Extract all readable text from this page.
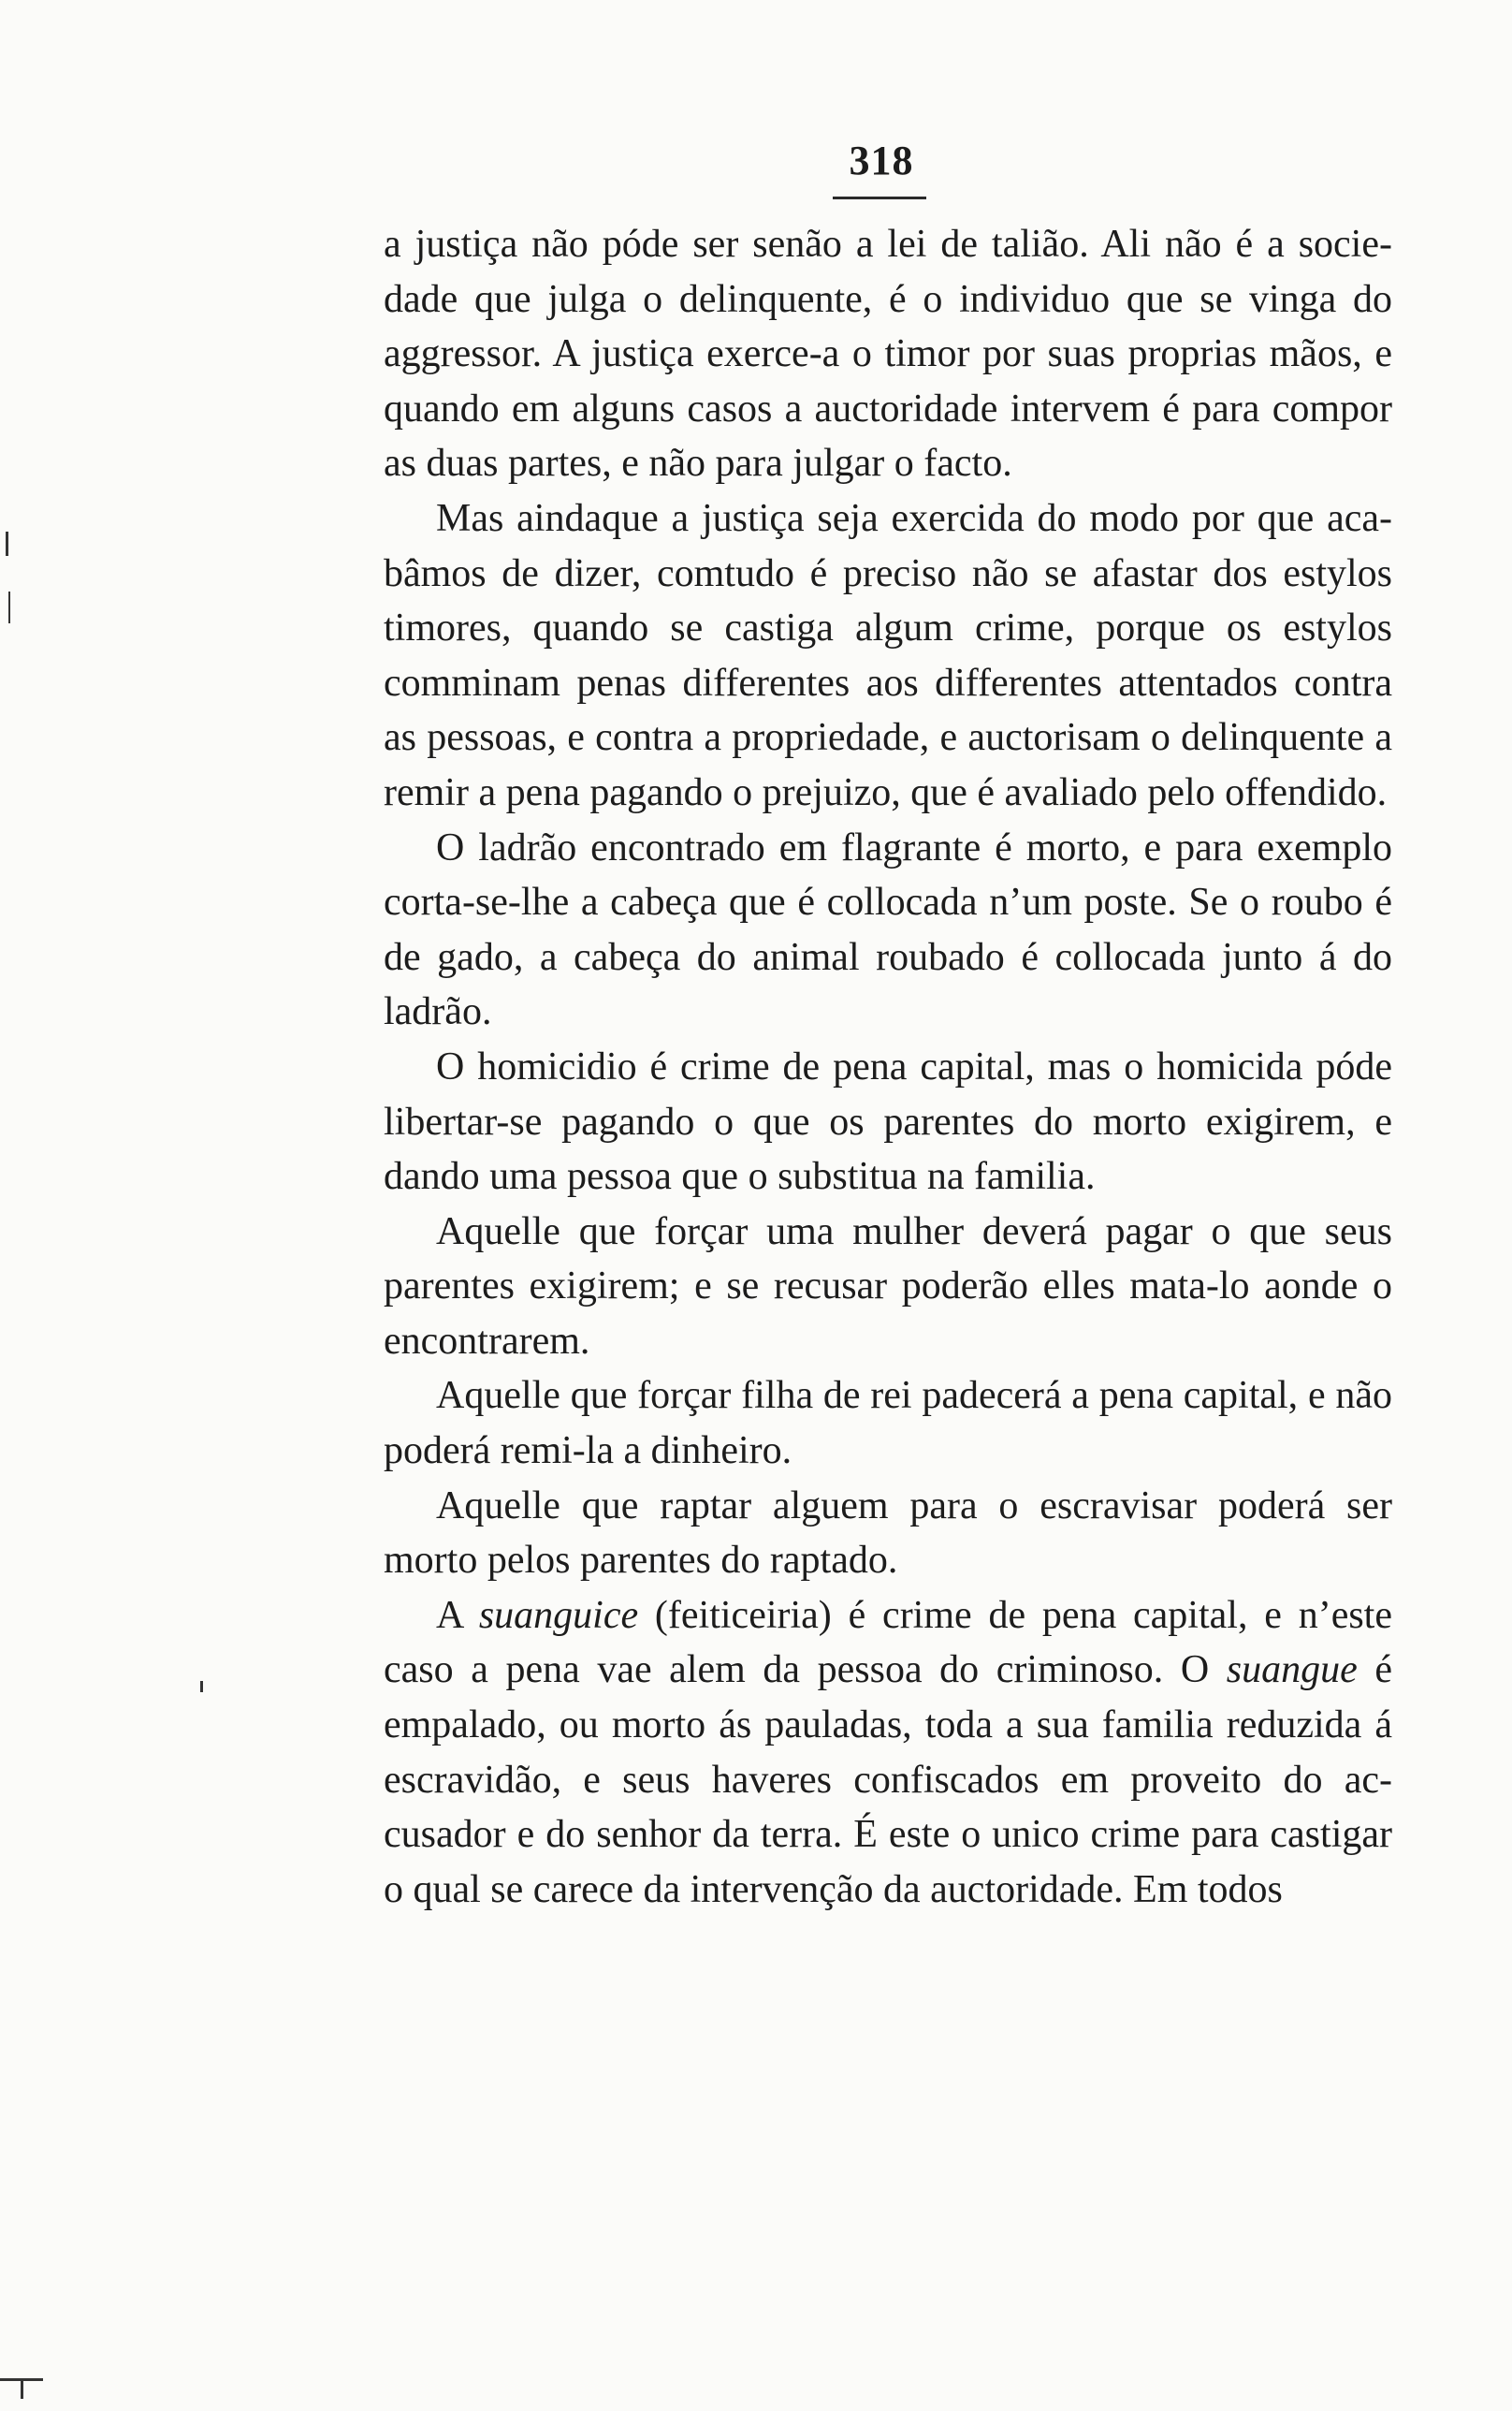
318

a justiça não póde ser senão a lei de talião. Ali não é a sociedade que julga o delinquente, é o individuo que se vinga do aggressor. A justiça exerce-a o timor por suas proprias mãos, e quando em alguns casos a auctoridade intervem é para compor as duas partes, e não para julgar o facto.

Mas aindaque a justiça seja exercida do modo por que acabâmos de dizer, comtudo é preciso não se afastar dos estylos timores, quando se castiga algum crime, porque os estylos comminam penas differentes aos differentes attentados contra as pessoas, e contra a propriedade, e auctorisam o delinquente a remir a pena pagando o prejuizo, que é avaliado pelo offendido.

O ladrão encontrado em flagrante é morto, e para exemplo corta-se-lhe a cabeça que é collocada n’um poste. Se o roubo é de gado, a cabeça do animal roubado é collocada junto á do ladrão.

O homicidio é crime de pena capital, mas o homicida póde libertar-se pagando o que os parentes do morto exigirem, e dando uma pessoa que o substitua na familia.

Aquelle que forçar uma mulher deverá pagar o que seus parentes exigirem; e se recusar poderão elles mata-lo aonde o encontrarem.

Aquelle que forçar filha de rei padecerá a pena capital, e não poderá remi-la a dinheiro.

Aquelle que raptar alguem para o escravisar poderá ser morto pelos parentes do raptado.

A suanguice (feiticeiria) é crime de pena capital, e n’este caso a pena vae alem da pessoa do criminoso. O suangue é empalado, ou morto ás pauladas, toda a sua familia reduzida á escravidão, e seus haveres confiscados em proveito do accusador e do senhor da terra. É este o unico crime para castigar o qual se carece da intervenção da auctoridade. Em todos
